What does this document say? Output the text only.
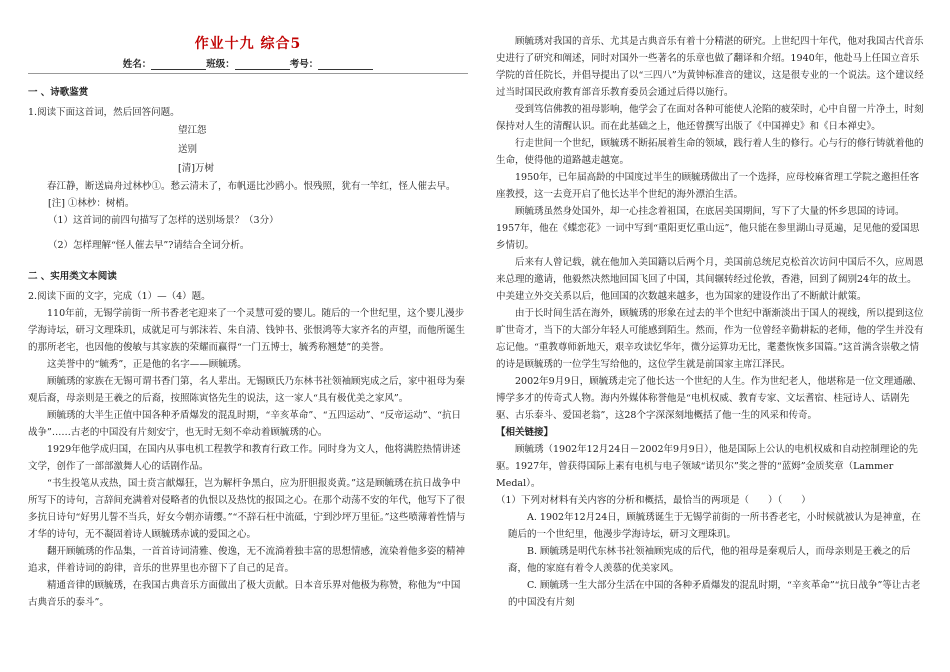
作业十九 综合5
姓名：	班级：	考号：
一 、诗歌鉴赏

1.阅读下面这首词，然后回答问题。

望江怨

送别

[清]万树

春江静，断送扁舟过林杪①。愁云清未了，布帆遥比沙鸥小。恨残照，犹有一竿红，怪人催去早。

[注] ①林杪：树梢。

（1）这首词的前四句描写了怎样的送别场景？（3分）

（2）怎样理解“怪人催去早”?请结合全词分析。

二 、实用类文本阅读

2.阅读下面的文字，完成（1）—（4）题。

110年前，无锡学前街一所书香老宅迎来了一个灵慧可爱的婴儿。随后的一个世纪里，这个婴儿漫步学海诗坛，研习文理珠玑，成就足可与郭沫若、朱自清、钱钟书、张恨鸿等大家齐名的声望，而他所诞生的那所老宅，也因他的俊敏与其家族的荣耀而赢得“一门五博士，毓秀称翘楚”的美誉。

这美誉中的“毓秀”，正是他的名字——顾毓琇。

顾毓琇的家族在无锡可谓书香门第，名人辈出。无锡顾氏乃东林书社领袖顾宪成之后，家中祖母为秦观后裔，母亲则是王羲之的后裔，按照陈寅恪先生的说法，这一家人“具有极优美之家风”。

顾毓琇的大半生正值中国各种矛盾爆发的混乱时期，“辛亥革命”、“五四运动”、“反帝运动”、“抗日战争”……古老的中国没有片刻安宁，也无时无刻不牵动着顾毓琇的心。

1929年他学成归国，在国内从事电机工程教学和教育行政工作。同时身为文人，他将满腔热情讲述文学，创作了一部部激舞人心的话剧作品。

“书生投笔从戎热，国士贲言献爆狂，岂为解杆争黑白，应为肝胆报炎黄。”这是顾毓琇在抗日战争中所写下的诗句，言辞间充满着对侵略者的仇恨以及热忱的报国之心。在那个动荡不安的年代，他写下了很多抗日诗句“好男儿誓不当兵，好女今朝亦请缨。”“不辞石枉中流砥，宁到沙坪万里征。”这些喷薄着性情与才华的诗句，无不凝固着诗人顾毓琇赤诚的爱国之心。

翻开顾毓琇的作品集，一首首诗词清雅、俊逸，无不流淌着独丰富的思想情感，流染着他多姿的精神追求，伴着诗词的韵律，音乐的世界里也亦留下了自己的足音。

精通音律的顾毓琇，在我国古典音乐方面做出了极大贡献。日本音乐界对他极为称赞，称他为“中国古典音乐的泰斗”。

顾毓琇对我国的音乐、尤其是古典音乐有着十分精湛的研究。上世纪四十年代，他对我国古代音乐史进行了研究和阐述，同时对国外一些著名的乐章也做了翻译和介绍。1940年，他赴马上任国立音乐学院的首任院长，并倡导提出了以“三四八”为黄钟标准音的建议，这是很专业的一个说法。这个建议经过当时国民政府教育部音乐教育委员会通过后得以施行。

受到笃信佛教的祖母影响，他学会了在面对各种可能使人沦陷的疲荣时，心中自留一片净土，时刻保持对人生的清醒认识。而在此基础之上，他还曾撰写出版了《中国禅史》和《日本禅史》。

行走世间一个世纪，顾毓琇不断拓展着生命的领域，践行着人生的修行。心与行的修行铸就着他的生命，使得他的道路越走越宽。

1950年，已年届高龄的中国度过半生的顾毓琇做出了一个选择，应母校麻省理工学院之邀担任客座教授，这一去竟开启了他长达半个世纪的海外漂泊生活。

顾毓琇虽然身处国外，却一心挂念着祖国，在底居美国期间，写下了大量的怀乡思国的诗词。1957年，他在《蝶恋花》一词中写到“重阳更忆重山远”，他只能在参里湖山寻觅遍，足见他的爱国思乡情切。

后来有人曾记载，就在他加入美国籍以后两个月，美国前总统尼克松首次访问中国后不久，应周恩来总理的邀请，他毅然决然地回国飞回了中国，其间辗转经过伦敦，香港，回到了阔别24年的故土。中美建立外交关系以后，他回国的次数越来越多，也为国家的建设作出了不断献计献策。

由于长时间生活在海外，顾毓琇的形象在过去的半个世纪中渐渐淡出于国人的视线，所以提到这位旷世奇才，当下的大部分年轻人可能感到陌生。然而，作为一位曾经辛勤耕耘的老师，他的学生并没有忘记他。“重教尊师新地天，艰辛攻读忆华年，微分运算功无比，耄耋恢恢多国篇。”这首满含崇敬之情的诗是顾毓琇的一位学生写给他的，这位学生就是前国家主席江泽民。

2002年9月9日，顾毓琇走完了他长达一个世纪的人生。作为世纪老人，他堪称是一位文理通融、博学多才的传奇式人物。海内外媒体称誉他是“电机权威、教育专家、文坛耆宿、桂冠诗人、话剧先驱、古乐泰斗、爱国老翁”，这28个字深深刻地概括了他一生的风采和传奇。

【相关链接】

顾毓琇（1902年12月24日－2002年9月9日），他是国际上公认的电机权威和自动控制理论的先驱。1927年，曾获得国际上素有电机与电子领域“诺贝尔”奖之誉的“蓝姆”金质奖章（Lammer Medal）。

（1）下列对材料有关内容的分析和概括，最恰当的两项是（　　）（　　）

A. 1902年12月24日，顾毓琇诞生于无锡学前街的一所书香老宅，小时候就被认为是神童，在随后的一个世纪里，他漫步学海诗坛，研习文理珠玑。

B. 顾毓琇是明代东林书社领袖顾宪成的后代，他的祖母是秦观后人，而母亲则是王羲之的后裔，他的家庭有着令人羡慕的优美家风。

C. 顾毓琇一生大部分生活在中国的各种矛盾爆发的混乱时期，“辛亥革命”“抗日战争”等让古老的中国没有片刻
